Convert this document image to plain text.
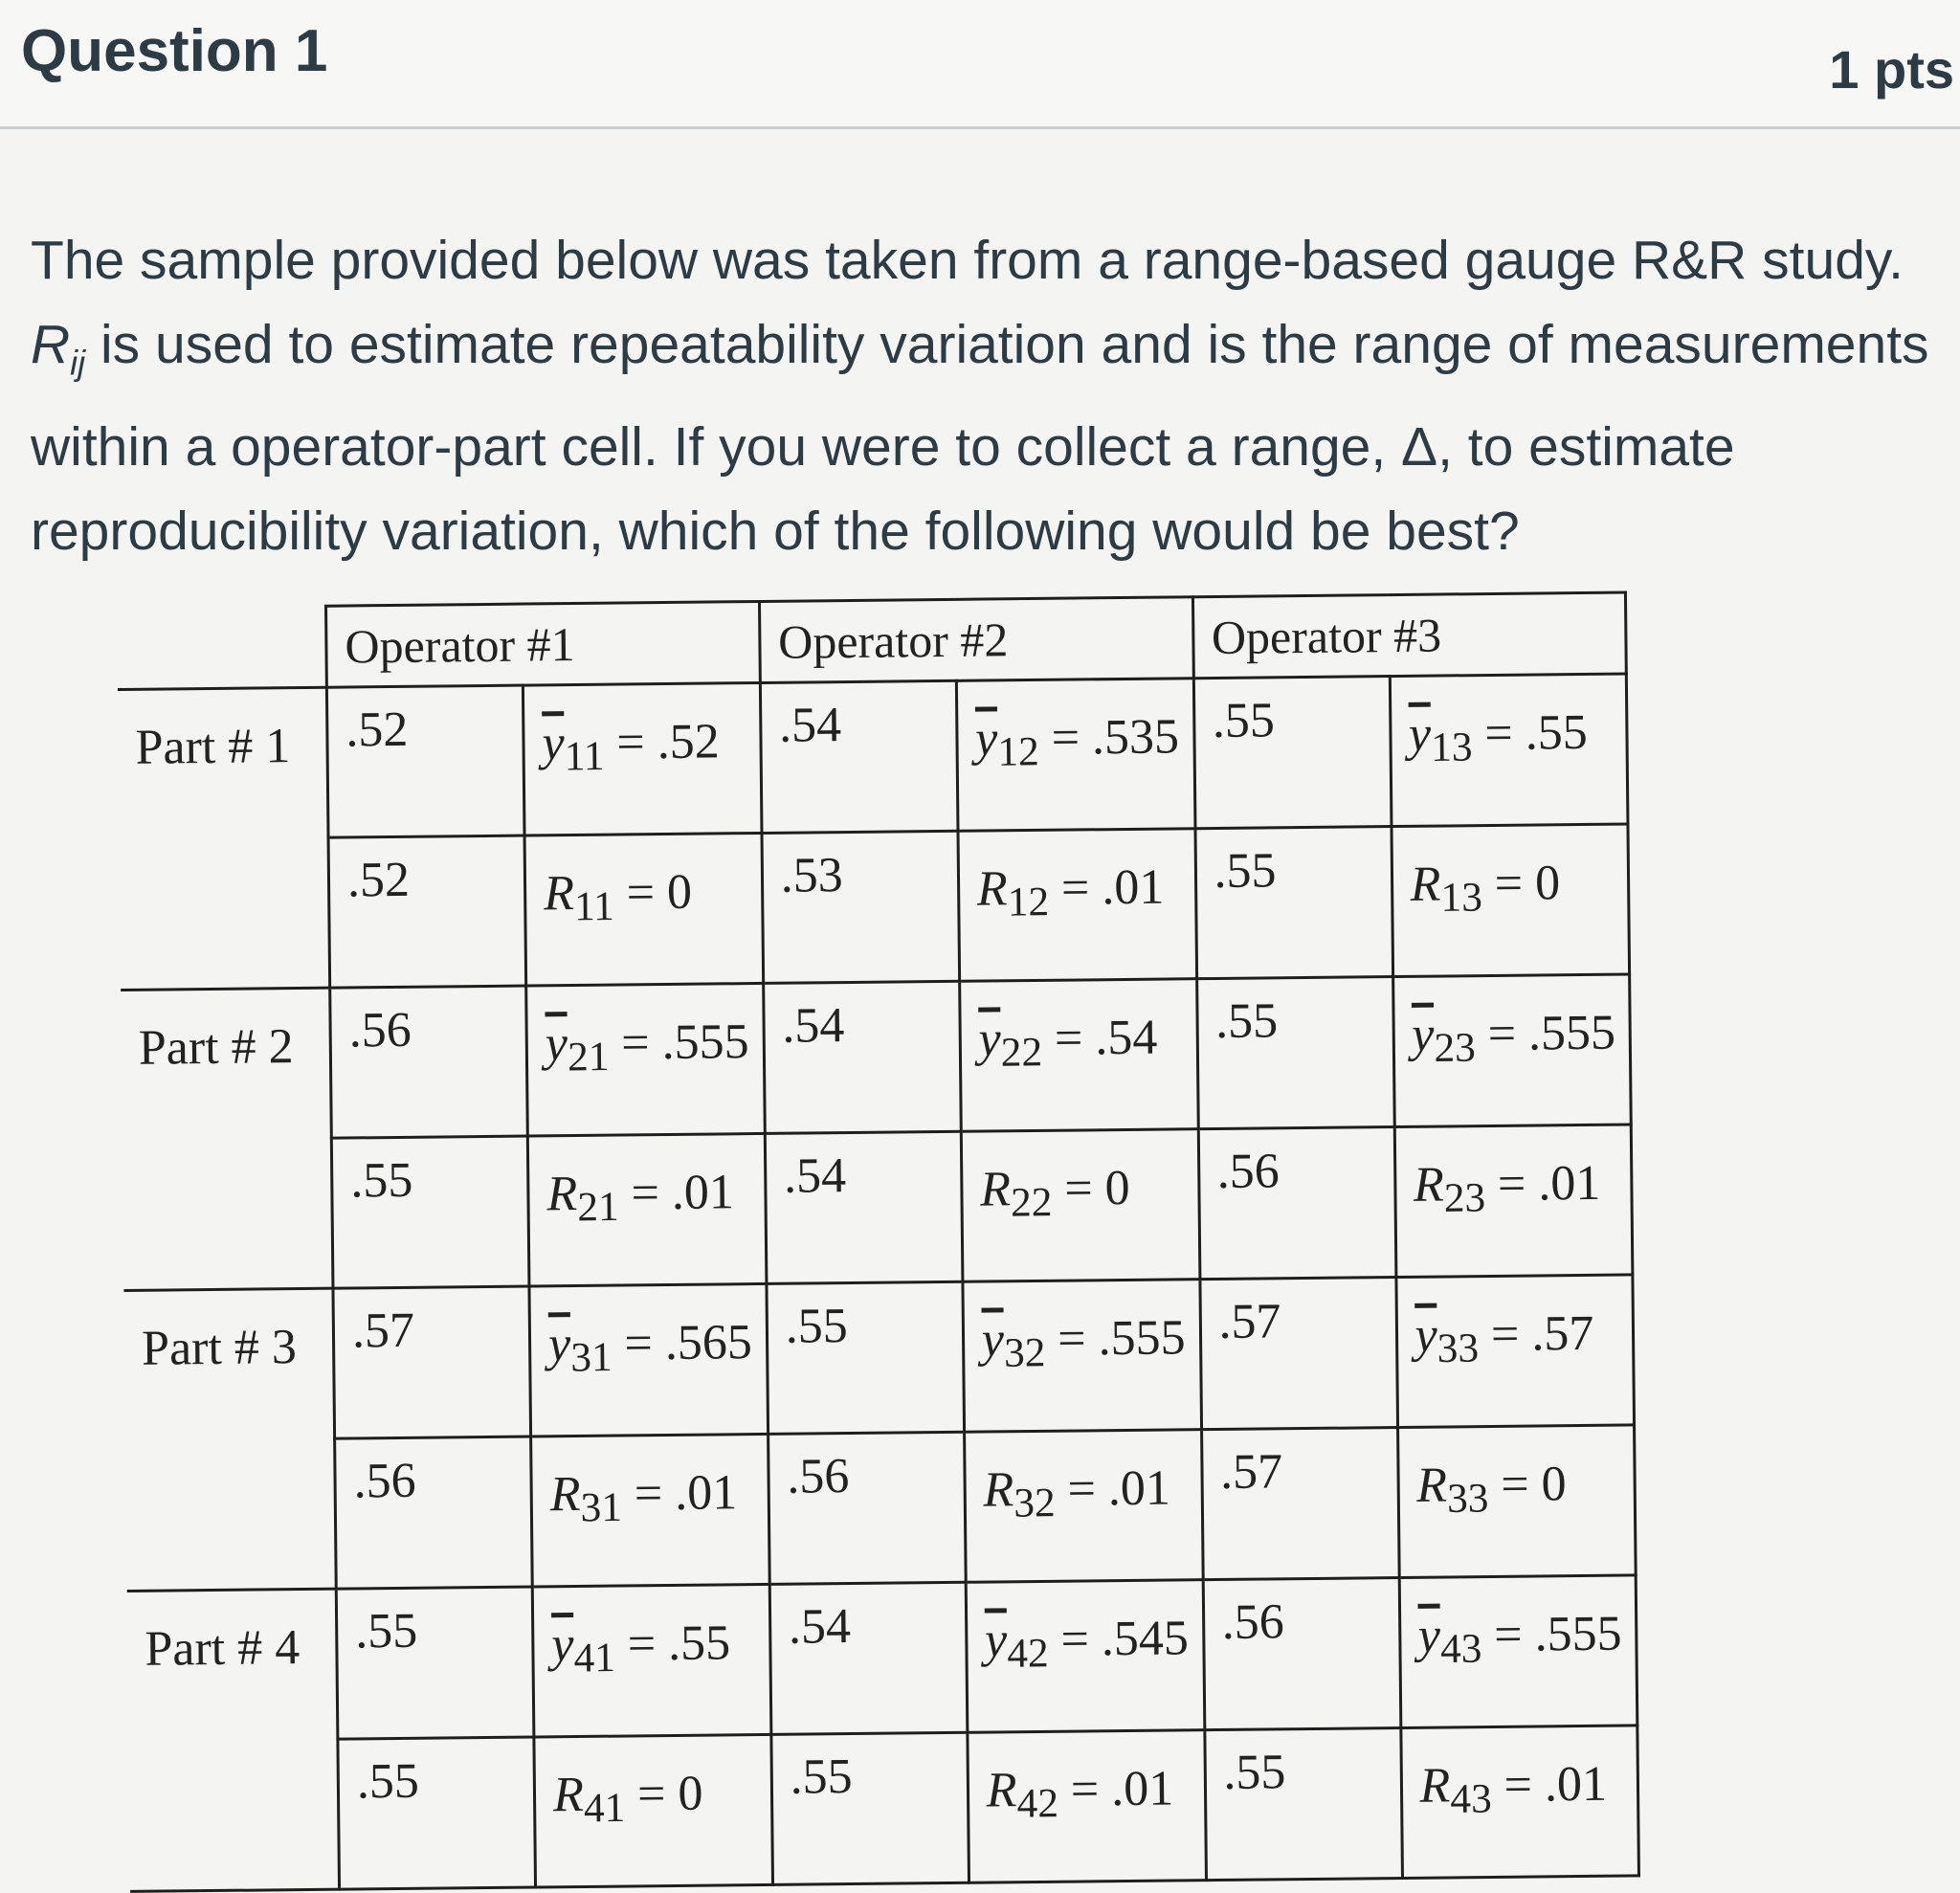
Question 1	1 pts
The sample provided below was taken from a range-based gauge R&R study. $R_{ij}$ is used to estimate repeatability variation and is the range of measurements within a operator-part cell. If you were to collect a range, Δ, to estimate reproducibility variation, which of the following would be best?
	Operator #1		Operator #2		Operator #3	
Part # 1	.52	$\overline{y}_{11} = .52$	.54	$\overline{y}_{12} = .535$	.55	$\overline{y}_{13} = .55$
	.52	$R_{11} = 0$	.53	$R_{12} = .01$	.55	$R_{13} = 0$
Part # 2	.56	$\overline{y}_{21} = .555$	.54	$\overline{y}_{22} = .54$	.55	$\overline{y}_{23} = .555$
	.55	$R_{21} = .01$	.54	$R_{22} = 0$	.56	$R_{23} = .01$
Part # 3	.57	$\overline{y}_{31} = .565$	.55	$\overline{y}_{32} = .555$	.57	$\overline{y}_{33} = .57$
	.56	$R_{31} = .01$	.56	$R_{32} = .01$	.57	$R_{33} = 0$
Part # 4	.55	$\overline{y}_{41} = .55$	.54	$\overline{y}_{42} = .545$	.56	$\overline{y}_{43} = .555$
	.55	$R_{41} = 0$	.55	$R_{42} = .01$	.55	$R_{43} = .01$
